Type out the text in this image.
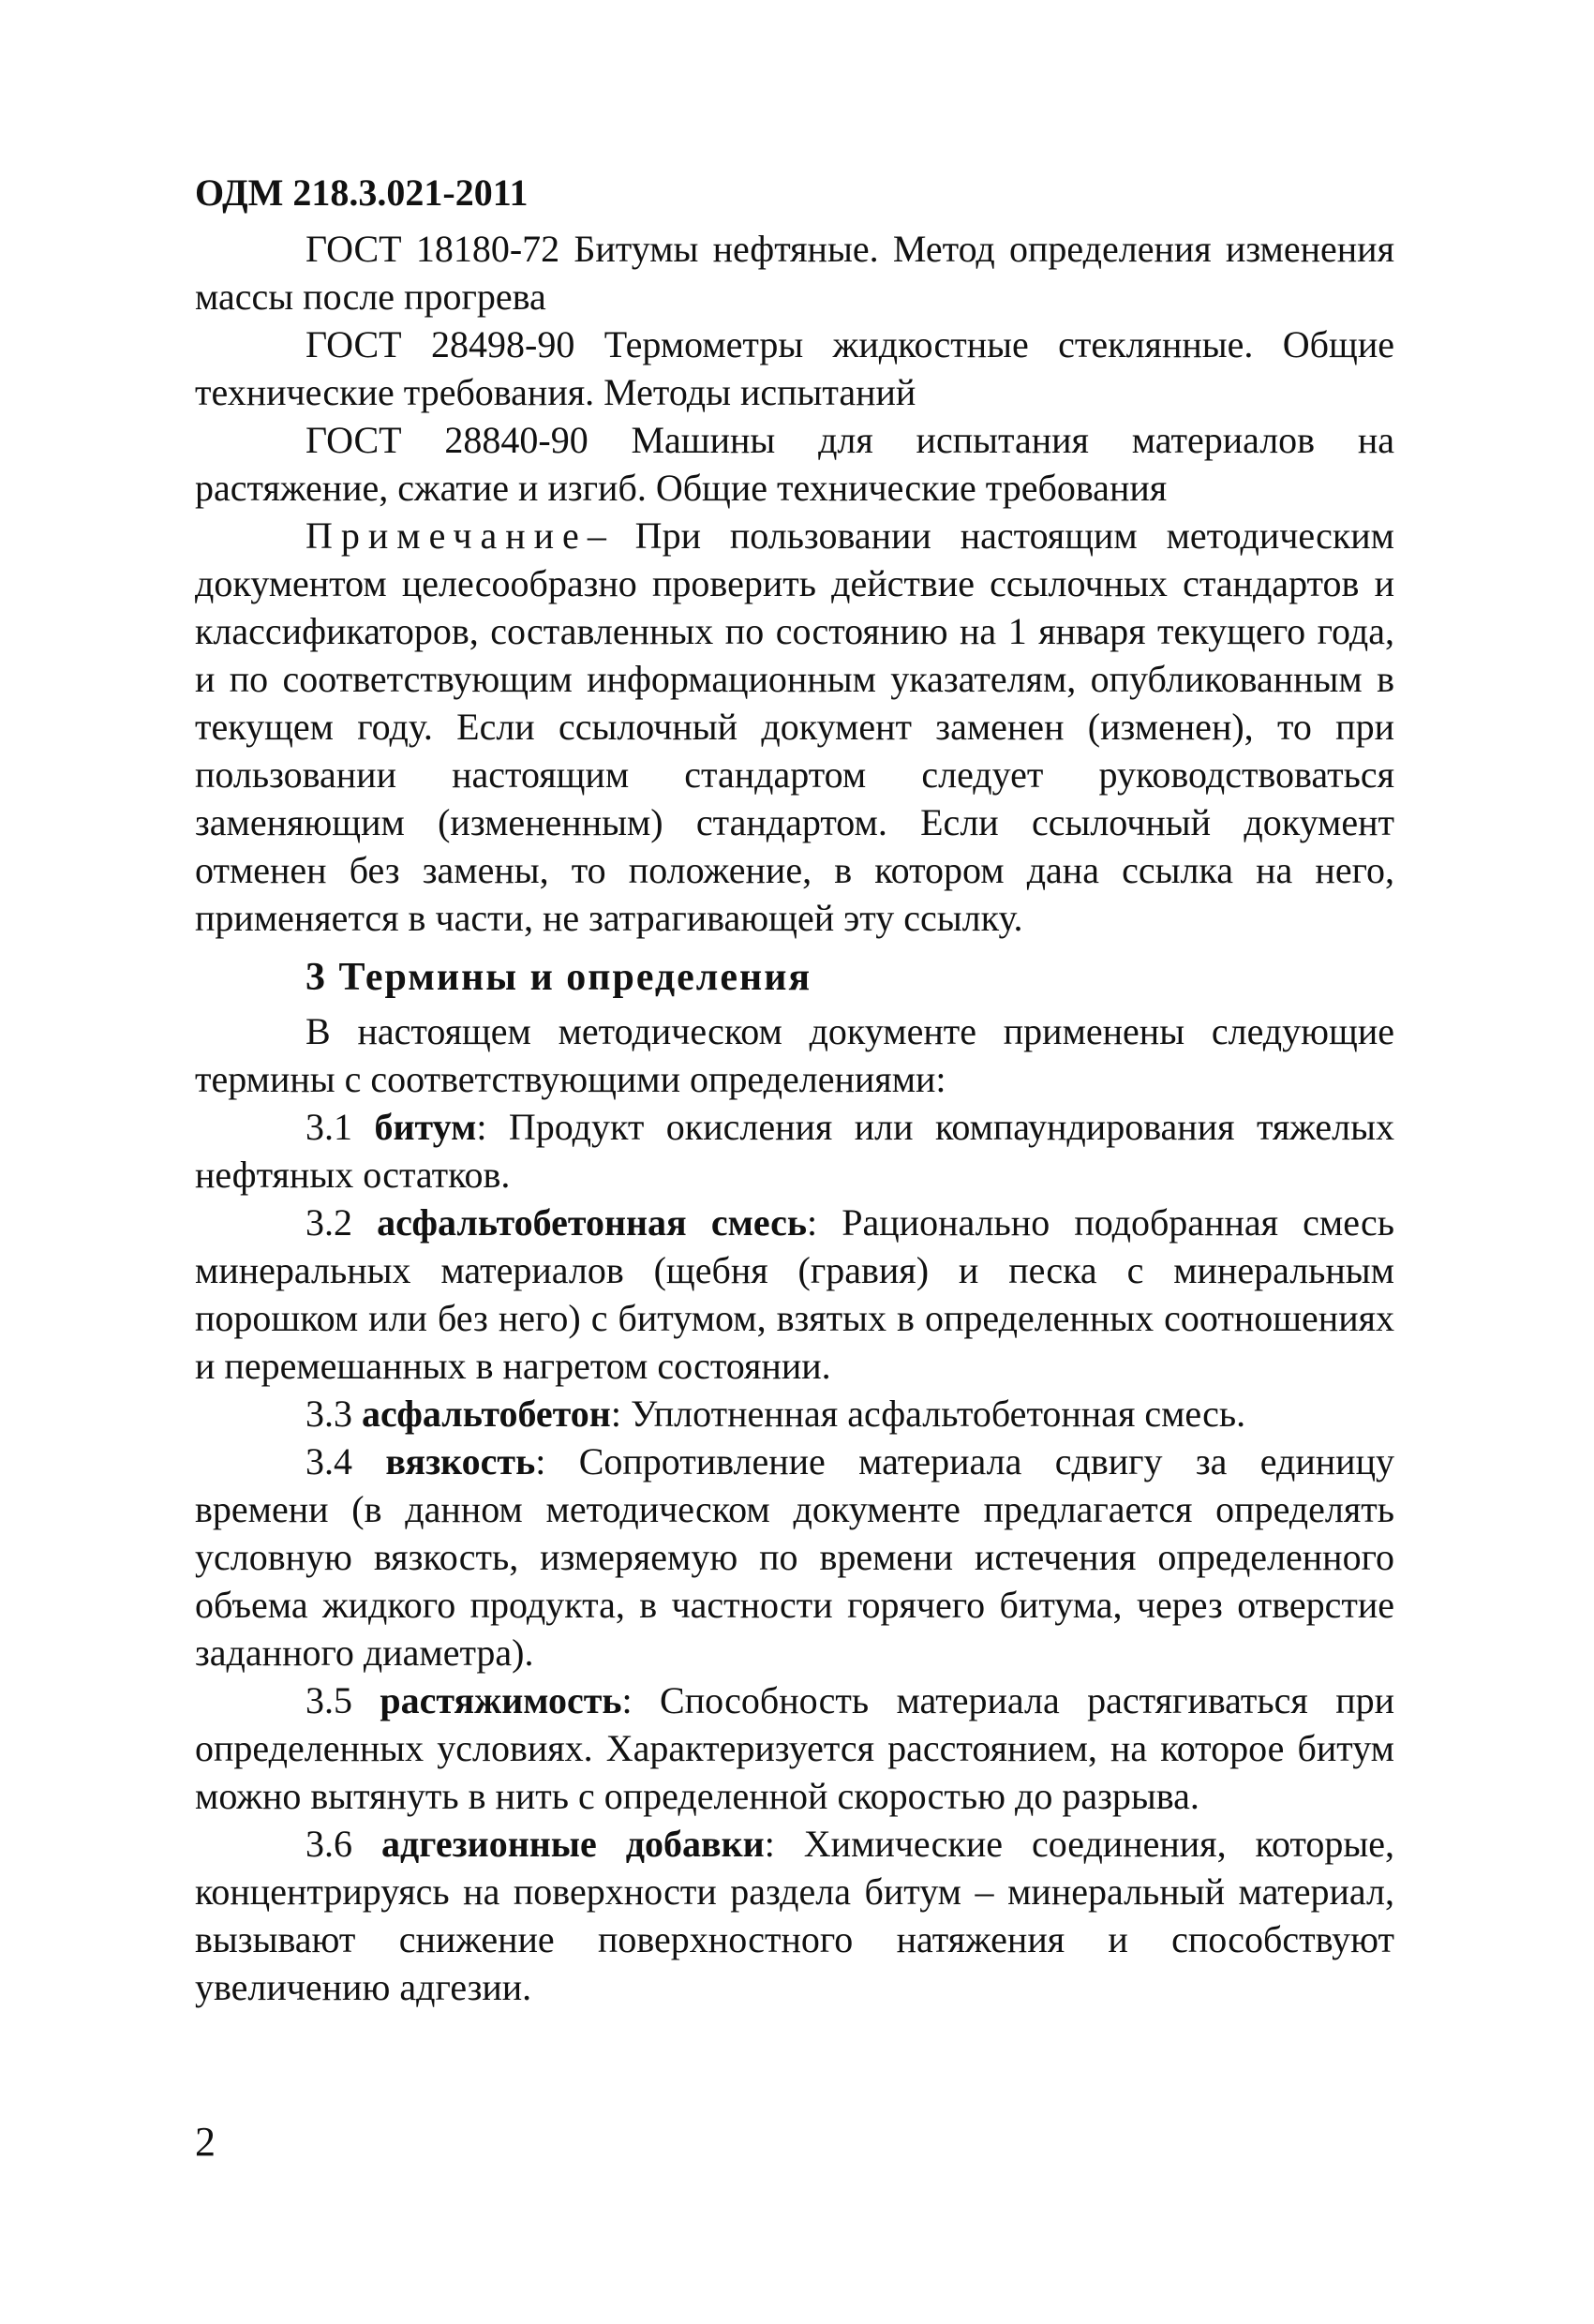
ОДМ 218.3.021-2011

ГОСТ 18180-72 Битумы нефтяные. Метод определения изменения массы после прогрева

ГОСТ 28498-90 Термометры жидкостные стеклянные. Общие технические требования. Методы испытаний

ГОСТ 28840-90 Машины для испытания материалов на растяжение, сжатие и изгиб. Общие технические требования

Примечание– При пользовании настоящим методическим документом целесообразно проверить действие ссылочных стандартов и классификаторов, составленных по состоянию на 1 января текущего года, и по соответствующим информационным указателям, опубликованным в текущем году. Если ссылочный документ заменен (изменен), то при пользовании настоящим стандартом следует руководствоваться заменяющим (измененным) стандартом. Если ссылочный документ отменен без замены, то положение, в котором дана ссылка на него, применяется в части, не затрагивающей эту ссылку.

3 Термины и определения

В настоящем методическом документе применены следующие термины с соответствующими определениями:

3.1 битум: Продукт окисления или компаундирования тяжелых нефтяных остатков.

3.2 асфальтобетонная смесь: Рационально подобранная смесь минеральных материалов (щебня (гравия) и песка с минеральным порошком или без него) с битумом, взятых в определенных соотношениях и перемешанных в нагретом состоянии.

3.3 асфальтобетон: Уплотненная асфальтобетонная смесь.

3.4 вязкость: Сопротивление материала сдвигу за единицу времени (в данном методическом документе предлагается определять условную вязкость, измеряемую по времени истечения определенного объема жидкого продукта, в частности горячего битума, через отверстие заданного диаметра).

3.5 растяжимость: Способность материала растягиваться при определенных условиях. Характеризуется расстоянием, на которое битум можно вытянуть в нить с определенной скоростью до разрыва.

3.6 адгезионные добавки: Химические соединения, которые, концентрируясь на поверхности раздела битум – минеральный материал, вызывают снижение поверхностного натяжения и способствуют увеличению адгезии.

2
